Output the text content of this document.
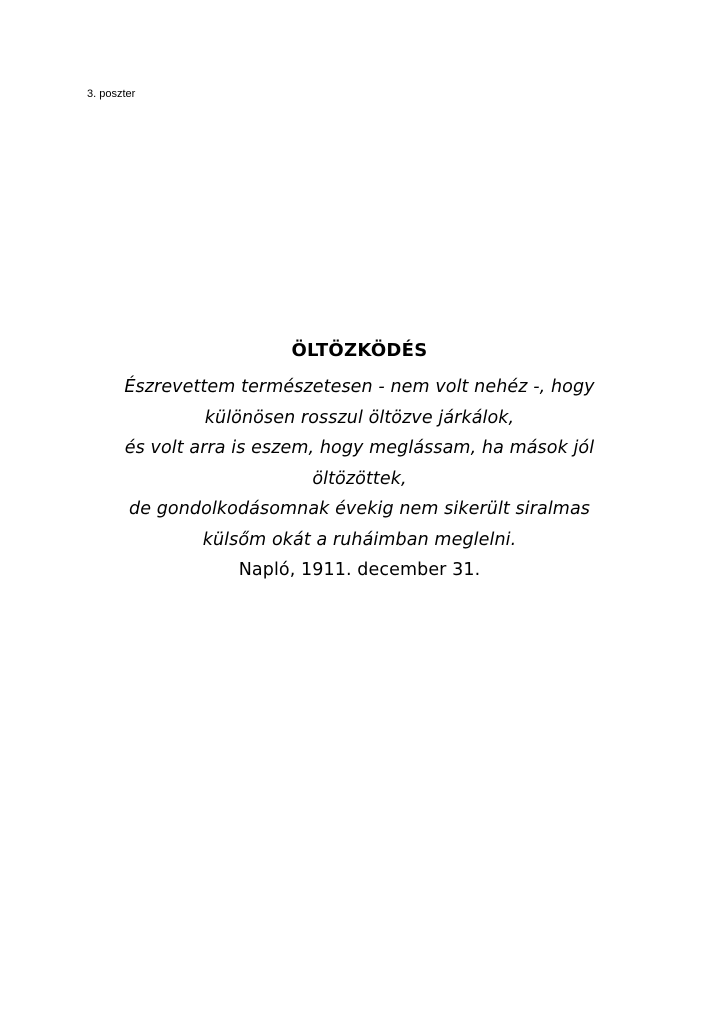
3. poszter
ÖLTÖZKÖDÉS
Észrevettem természetesen - nem volt nehéz -, hogy
különösen rosszul öltözve járkálok,
és volt arra is eszem, hogy meglássam, ha mások jól
öltözöttek,
de gondolkodásomnak évekig nem sikerült siralmas
külsőm okát a ruháimban meglelni.
Napló, 1911. december 31.
